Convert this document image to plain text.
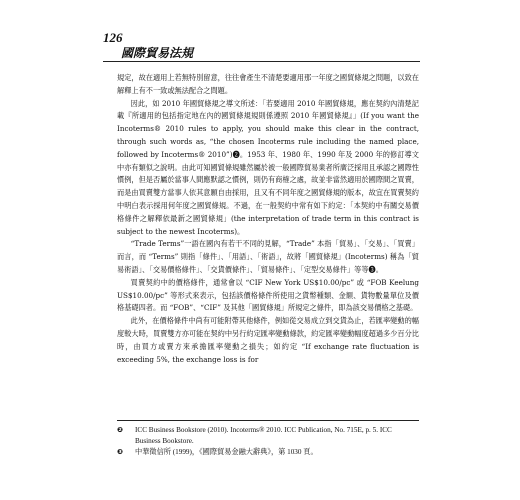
126
國際貿易法規

規定，故在適用上若無特別留意，往往會產生不清楚要適用那一年度之國貿條規之問題，以致在解釋上有不一致或無法配合之問題。

因此，如 2010 年國貿條規之導文所述：「若要適用 2010 年國貿條規，應在契約內清楚記載『所適用的包括指定地在內的國貿條規規則係遵照 2010 年國貿條規』」(If you want the Incoterms® 2010 rules to apply, you should make this clear in the contract, through such words as, “the chosen Incoterms rule including the named place, followed by Incoterms® 2010”)❷。1953 年、1980 年、1990 年及 2000 年的修訂導文中亦有類似之說明。由此可知國貿條規雖然屬於被一般國際貿易業者所廣泛採用且承認之國際性慣例，但是否屬於當事人間應默認之慣例，則仍有商榷之處，故並非當然適用於國際間之買賣，而是由買賣雙方當事人依其意願自由採用，且又有不同年度之國貿條規的版本，故宜在買賣契約中明白表示採用何年度之國貿條規。不過，在一般契約中常有如下約定：「本契約中有關交易價格條件之解釋依最新之國貿條規」(the interpretation of trade term in this contract is subject to the newest Incoterms)。

“Trade Terms”一語在國內有若干不同的見解，“Trade” 本指「貿易」、「交易」、「買賣」而言，而 “Terms” 則指「條件」、「用語」、「術語」，故將「國貿條規」(Incoterms) 稱為「貿易術語」、「交易價格條件」、「交貨價條件」、「貿易條件」、「定型交易條件」等等❸。

買賣契約中的價格條件，通常會以 “CIF New York US$10.00/pc” 或 “FOB Keelung US$10.00/pc” 等形式來表示，包括該價格條件所使用之貨幣種類、金額、貨物數量單位及價格基礎四者。而 “FOB”、“CIF” 及其他「國貿條規」所規定之條件，即為該交易價格之基礎。

此外，在價格條件中尚有可能附帶其他條件，例如從交易成立到交貨為止，若匯率變動的幅度較大時，買賣雙方亦可能在契約中另行約定匯率變動條款，約定匯率變動幅度超過多少百分比時，由買方或賣方來承擔匯率變動之損失；如約定 “If exchange rate fluctuation is exceeding 5%, the exchange loss is for

❷	ICC Business Bookstore (2010). Incoterms® 2010. ICC Publication, No. 715E, p. 5. ICC Business Bookstore.
❸	中華徵信所 (1999)，《國際貿易金融大辭典》，第 1030 頁。
